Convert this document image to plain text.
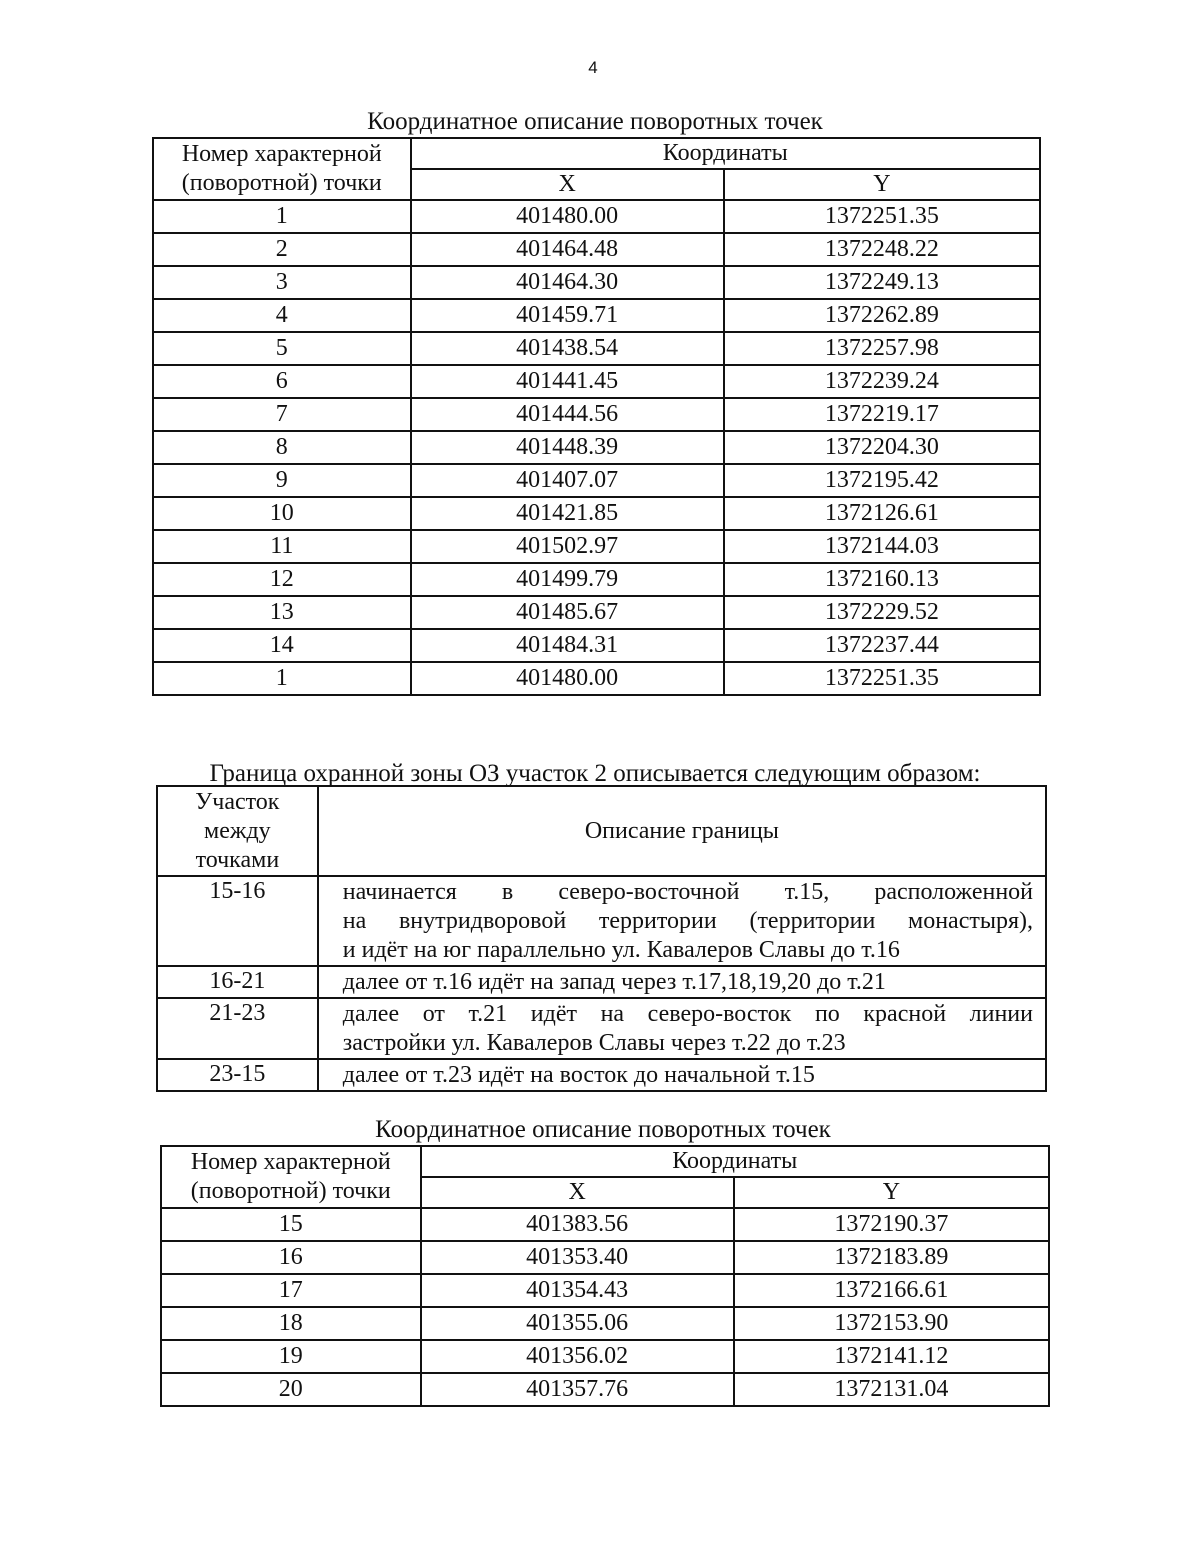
4
Координатное описание поворотных точек
Номер характерной
(поворотной) точки	Координаты	
	X	Y
1	401480.00	1372251.35
2	401464.48	1372248.22
3	401464.30	1372249.13
4	401459.71	1372262.89
5	401438.54	1372257.98
6	401441.45	1372239.24
7	401444.56	1372219.17
8	401448.39	1372204.30
9	401407.07	1372195.42
10	401421.85	1372126.61
11	401502.97	1372144.03
12	401499.79	1372160.13
13	401485.67	1372229.52
14	401484.31	1372237.44
1	401480.00	1372251.35
Граница охранной зоны ОЗ участок 2 описывается следующим образом:
Участок
между
точками	Описание границы
15-16	начинается в северо-восточной т.15, расположенной
на внутридворовой территории (территории монастыря),
и идёт на юг параллельно ул. Кавалеров Славы до т.16

16-21	далее от т.16 идёт на запад через т.17,18,19,20 до т.21

21-23	далее от т.21 идёт на северо-восток по красной линии
застройки ул. Кавалеров Славы через т.22 до т.23

23-15	далее от т.23 идёт на восток до начальной т.15
Координатное описание поворотных точек
Номер характерной
(поворотной) точки	Координаты	
	X	Y
15	401383.56	1372190.37
16	401353.40	1372183.89
17	401354.43	1372166.61
18	401355.06	1372153.90
19	401356.02	1372141.12
20	401357.76	1372131.04
